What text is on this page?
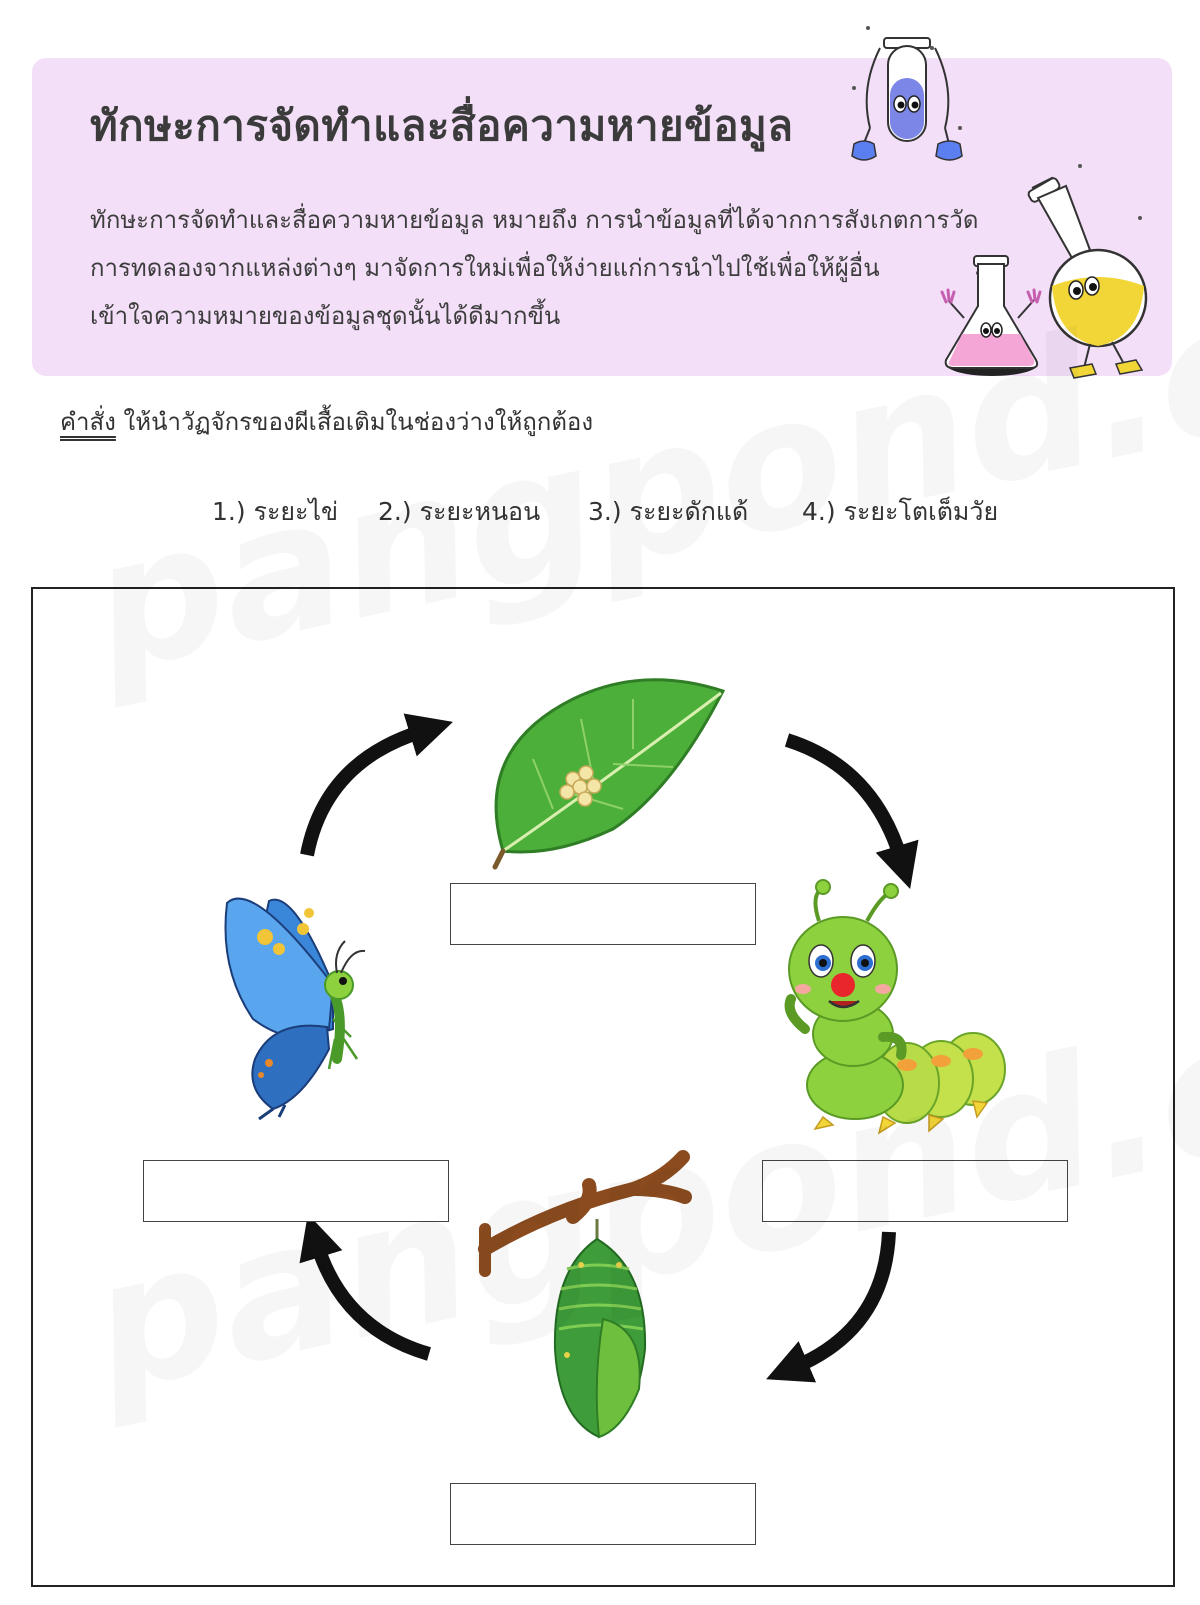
ทักษะการจัดทำและสื่อความหายข้อมูล

ทักษะการจัดทำและสื่อความหายข้อมูล หมายถึง การนำข้อมูลที่ได้จากการสังเกตการวัด
การทดลองจากแหล่งต่างๆ มาจัดการใหม่เพื่อให้ง่ายแก่การนำไปใช้เพื่อให้ผู้อื่น
เข้าใจความหมายของข้อมูลชุดนั้นได้ดีมากขึ้น

คำสั่ง ให้นำวัฏจักรของผีเสื้อเติมในช่องว่างให้ถูกต้อง
1.) ระยะไข่ 2.) ระยะหนอน 3.) ระยะดักแด้ 4.) ระยะโตเต็มวัย
